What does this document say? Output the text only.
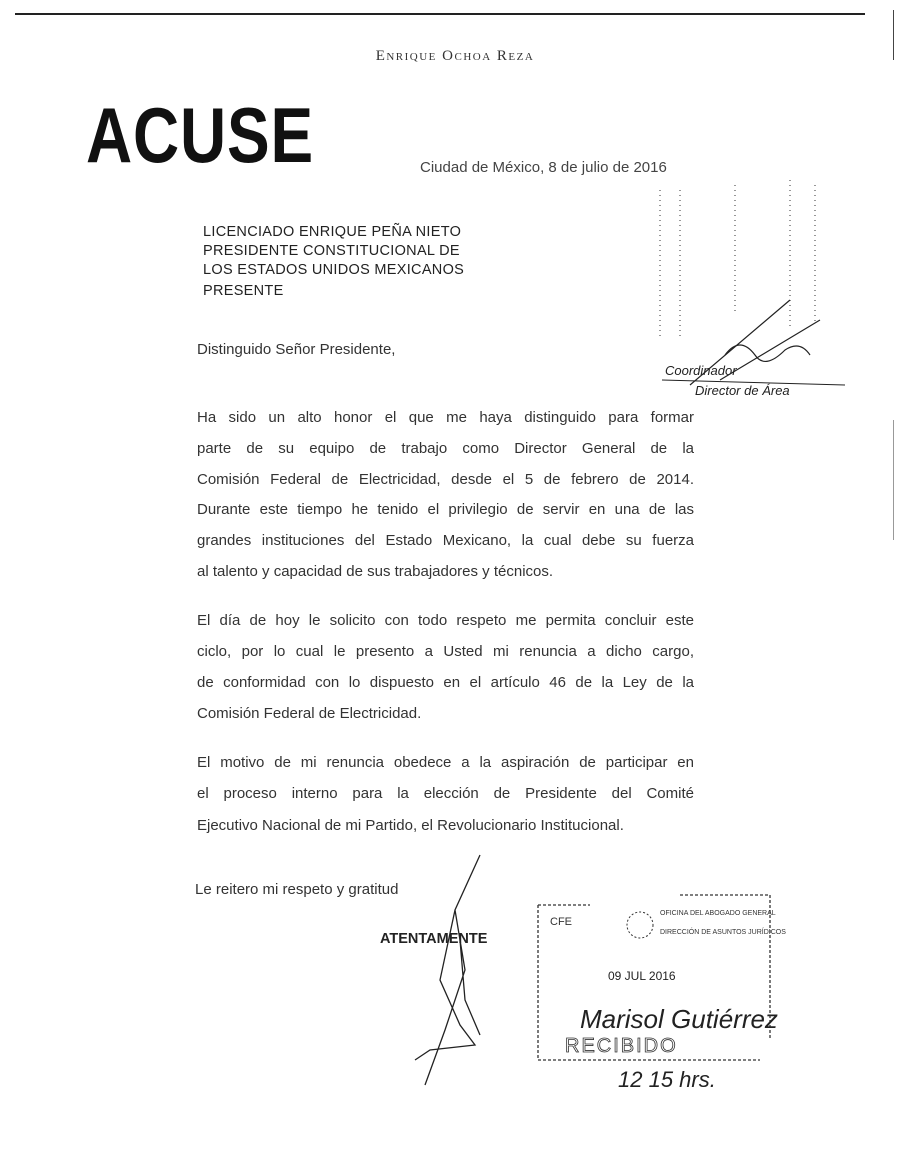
Enrique Ochoa Reza
ACUSE	Ciudad de México, 8 de julio de 2016
LICENCIADO ENRIQUE PEÑA NIETO
PRESIDENTE CONSTITUCIONAL DE
LOS ESTADOS UNIDOS MEXICANOS
PRESENTE
Distinguido Señor Presidente,
Ha sido un alto honor el que me haya distinguido para formar
parte de su equipo de trabajo como Director General de la
Comisión Federal de Electricidad, desde el 5 de febrero de 2014.
Durante este tiempo he tenido el privilegio de servir en una de las
grandes instituciones del Estado Mexicano, la cual debe su fuerza
al talento y capacidad de sus trabajadores y técnicos.
El día de hoy le solicito con todo respeto me permita concluir este
ciclo, por lo cual le presento a Usted mi renuncia a dicho cargo,
de conformidad con lo dispuesto en el artículo 46 de la Ley de la
Comisión Federal de Electricidad.
El motivo de mi renuncia obedece a la aspiración de participar en
el proceso interno para la elección de Presidente del Comité
Ejecutivo Nacional de mi Partido, el Revolucionario Institucional.
Le reitero mi respeto y gratitud
ATENTAMENTE
Coordinador
Director de Área
CFE
OFICINA DEL ABOGADO GENERAL
DIRECCIÓN DE ASUNTOS JURÍDICOS
09 JUL 2016
Marisol Gutiérrez
RECIBIDO
12 15 hrs.
